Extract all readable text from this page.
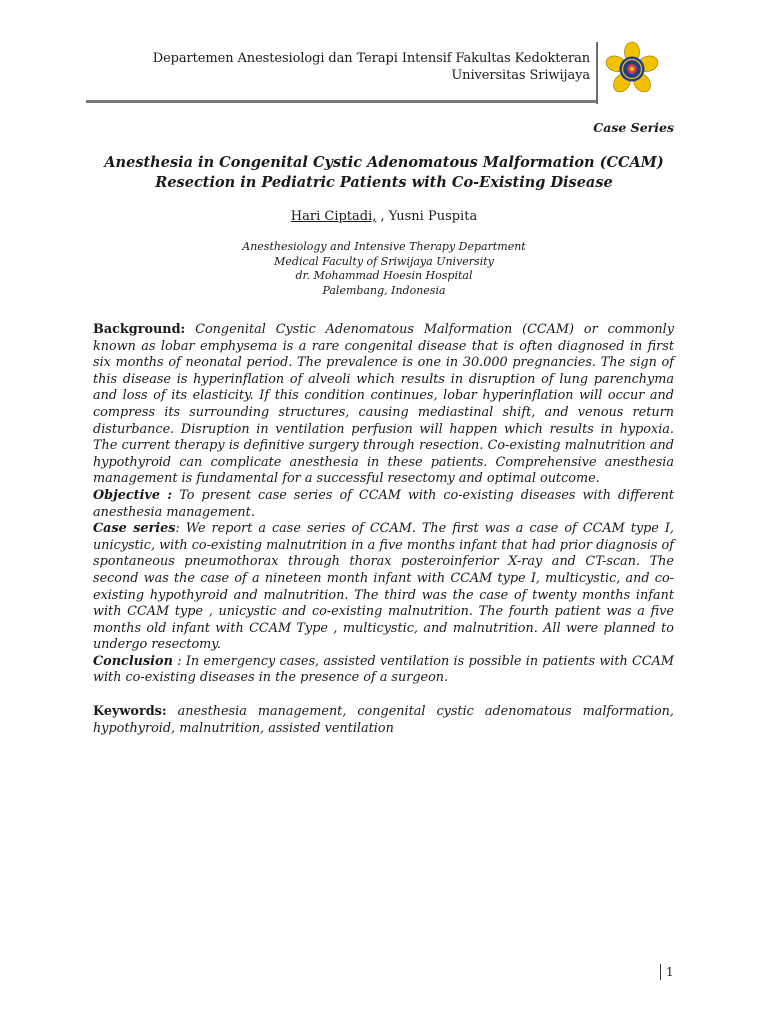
Departemen Anestesiologi dan Terapi Intensif Fakultas Kedokteran
Universitas Sriwijaya
Case Series
Anesthesia in Congenital Cystic Adenomatous Malformation (CCAM)
Resection in Pediatric Patients with Co-Existing Disease
Hari Ciptadi, , Yusni Puspita
Anesthesiology and Intensive Therapy Department
Medical Faculty of Sriwijaya University
dr. Mohammad Hoesin Hospital
Palembang, Indonesia

Background: Congenital Cystic Adenomatous Malformation (CCAM) or commonly known as lobar emphysema is a rare congenital disease that is often diagnosed in first six months of neonatal period. The prevalence is one in 30.000 pregnancies. The sign of this disease is hyperinflation of alveoli which results in disruption of lung parenchyma and loss of its elasticity. If this condition continues, lobar hyperinflation will occur and compress its surrounding structures, causing mediastinal shift, and venous return disturbance. Disruption in ventilation perfusion will happen which results in hypoxia. The current therapy is definitive surgery through resection. Co-existing malnutrition and hypothyroid can complicate anesthesia in these patients. Comprehensive anesthesia management is fundamental for a successful resectomy and optimal outcome.

Objective : To present case series of CCAM with co-existing diseases with different anesthesia management.

Case series: We report a case series of CCAM. The first was a case of CCAM type I, unicystic, with co-existing malnutrition in a five months infant that had prior diagnosis of spontaneous pneumothorax through thorax posteroinferior X-ray and CT-scan. The second was the case of a nineteen month infant with CCAM type I, multicystic, and co-existing hypothyroid and malnutrition. The third was the case of twenty months infant with CCAM type , unicystic and co-existing malnutrition. The fourth patient was a five months old infant with CCAM Type , multicystic, and malnutrition. All were planned to undergo resectomy.

Conclusion : In emergency cases, assisted ventilation is possible in patients with CCAM with co-existing diseases in the presence of a surgeon.

Keywords: anesthesia management, congenital cystic adenomatous malformation, hypothyroid, malnutrition, assisted ventilation

1
